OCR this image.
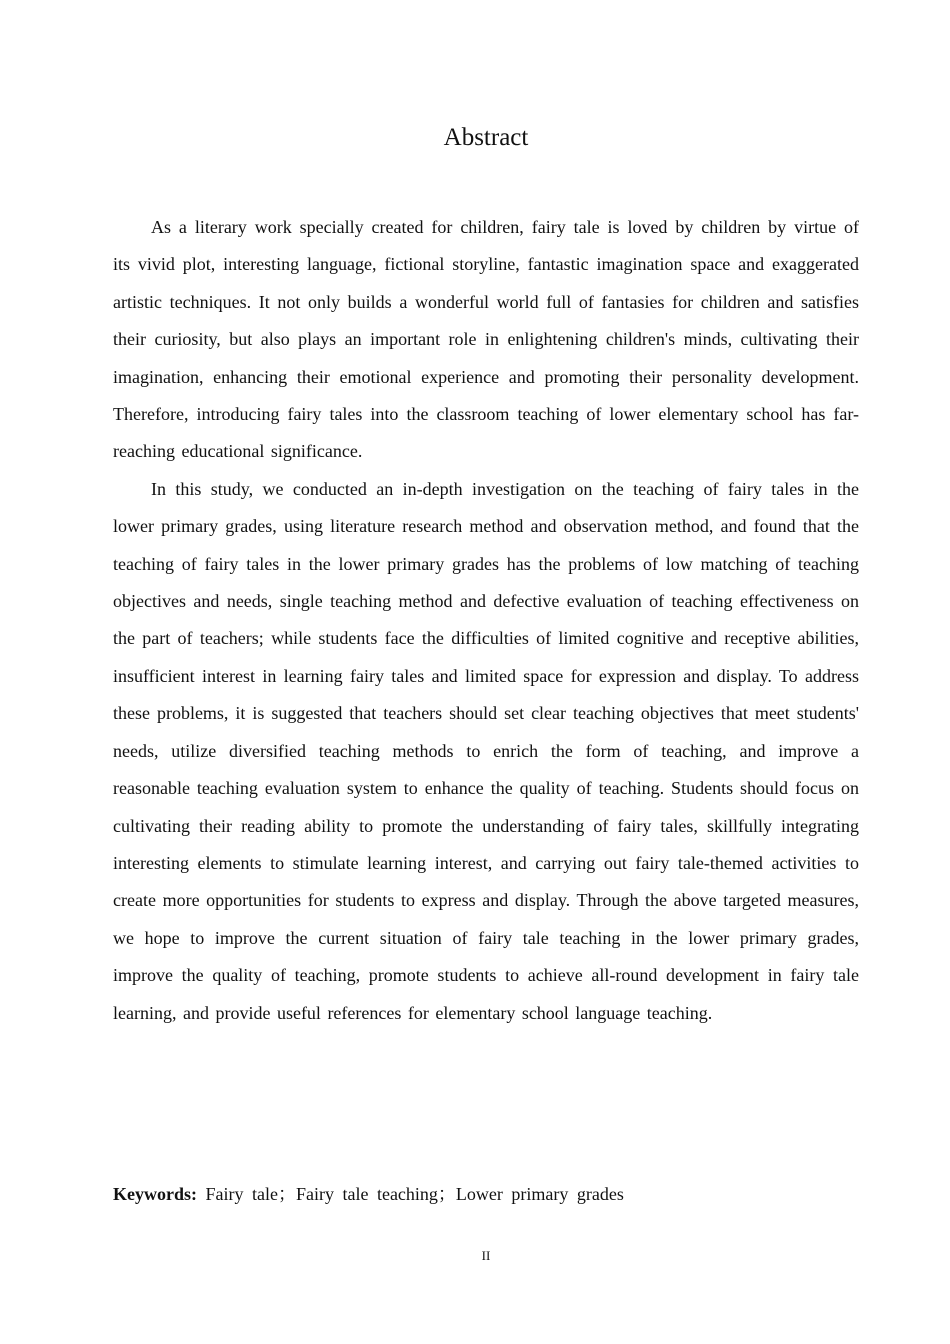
Abstract

As a literary work specially created for children, fairy tale is loved by children by virtue of its vivid plot, interesting language, fictional storyline, fantastic imagination space and exaggerated artistic techniques. It not only builds a wonderful world full of fantasies for children and satisfies their curiosity, but also plays an important role in enlightening children's minds, cultivating their imagination, enhancing their emotional experience and promoting their personality development. Therefore, introducing fairy tales into the classroom teaching of lower elementary school has far-reaching educational significance.

In this study, we conducted an in-depth investigation on the teaching of fairy tales in the lower primary grades, using literature research method and observation method, and found that the teaching of fairy tales in the lower primary grades has the problems of low matching of teaching objectives and needs, single teaching method and defective evaluation of teaching effectiveness on the part of teachers; while students face the difficulties of limited cognitive and receptive abilities, insufficient interest in learning fairy tales and limited space for expression and display. To address these problems, it is suggested that teachers should set clear teaching objectives that meet students' needs, utilize diversified teaching methods to enrich the form of teaching, and improve a reasonable teaching evaluation system to enhance the quality of teaching. Students should focus on cultivating their reading ability to promote the understanding of fairy tales, skillfully integrating interesting elements to stimulate learning interest, and carrying out fairy tale-themed activities to create more opportunities for students to express and display. Through the above targeted measures, we hope to improve the current situation of fairy tale teaching in the lower primary grades, improve the quality of teaching, promote students to achieve all-round development in fairy tale learning, and provide useful references for elementary school language teaching.

Keywords: Fairy tale；Fairy tale teaching；Lower primary grades

II
